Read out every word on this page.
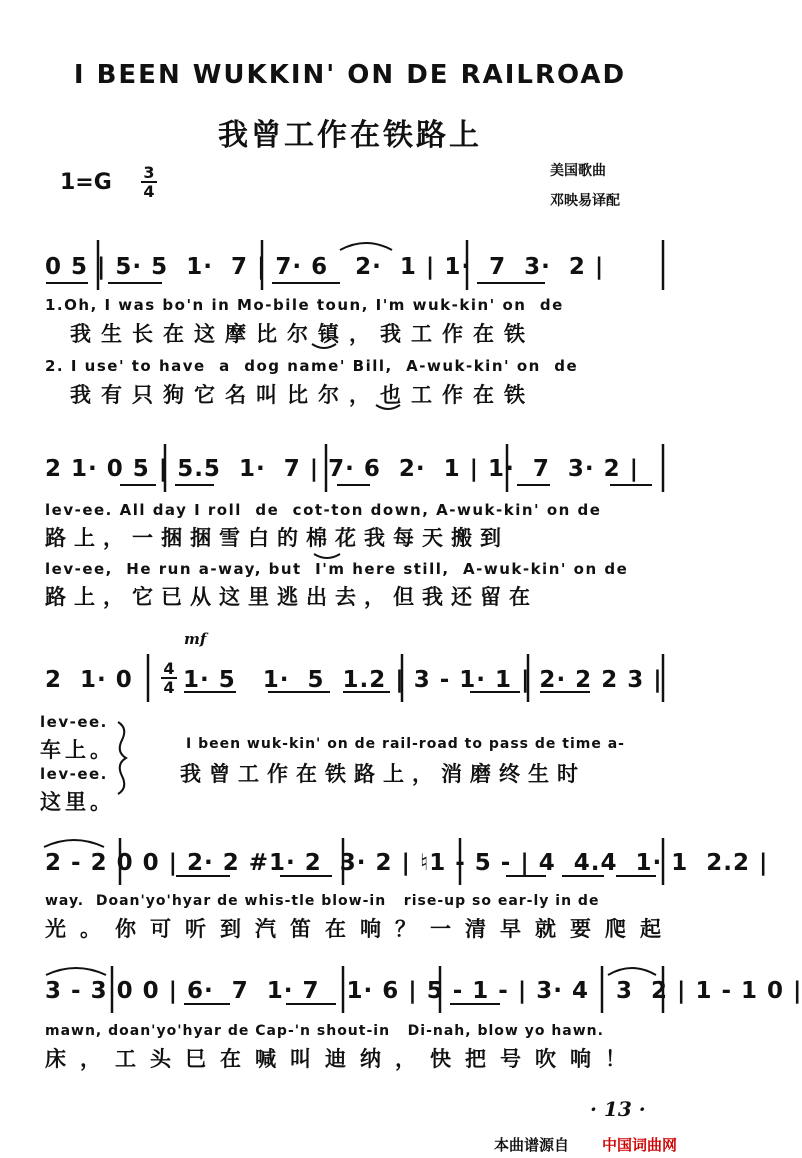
I BEEN WUKKIN' ON DE RAILROAD
我曾工作在铁路上
1=G 3
4
美国歌曲
邓映易译配
0 5 | 5· 5  1·  7 | 7· 6   2·  1 | 1·  7  3·  2 |
1.Oh, I was bo'n in Mo-bile toun, I'm wuk-kin' on  de
我生长在这摩比尔镇，我工作在铁
2. I use' to have  a  dog name' Bill,  A-wuk-kin' on  de
我有只狗它名叫比尔，也工作在铁
2 1· 0 5 | 5.5  1·  7 | 7· 6  2·  1 | 1·  7  3· 2 |
lev-ee. All day I roll  de  cot-ton down, A-wuk-kin' on de
路上，一捆捆雪白的棉花我每天搬到
lev-ee,  He run a-way, but  I'm here still,  A-wuk-kin' on de
路上，它已从这里逃出去，但我还留在
mf
2  1· 0 4
4 1· 5   1·  5  1.2 | 3 - 1· 1 | 2· 2 2 3 |
lev-ee.
车上。
lev-ee.
这里。
I been wuk-kin' on de rail-road to pass de time a-
我曾工作在铁路上，消磨终生时
2 - 2 0 0 | 2· 2 #1· 2  3· 2 | ♮1 - 5 - | 4  4.4  1· 1  2.2 |
way.  Doan'yo'hyar de whis-tle blow-in   rise-up so ear-ly in de
光。你可听到汽笛在响？一清早就要爬起
3 - 3 0 0 | 6·  7  1· 7   1· 6 | 5 - 1 - | 3· 4   3  2 | 1 - 1 0 |
mawn, doan'yo'hyar de Cap-'n shout-in   Di-nah, blow yo hawn.
床，工头巳在喊叫迪纳，快把号吹响！
· 13 ·
本曲谱源自 中国词曲网
